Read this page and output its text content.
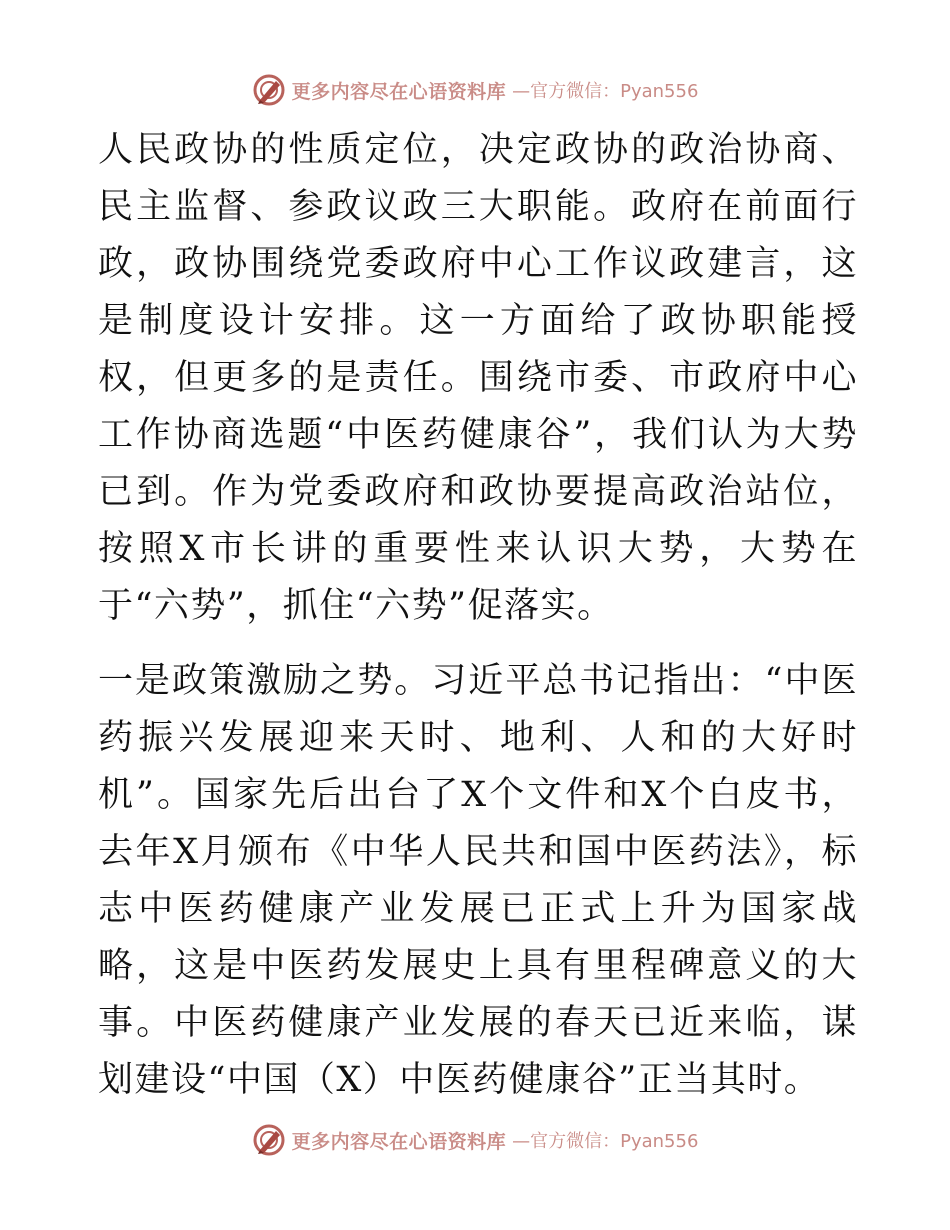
更多内容尽在心语资料库 —官方微信：Pyan556

人民政协的性质定位，决定政协的政治协商、民主监督、参政议政三大职能。政府在前面行政，政协围绕党委政府中心工作议政建言，这是制度设计安排。这一方面给了政协职能授权，但更多的是责任。围绕市委、市政府中心工作协商选题“中医药健康谷”，我们认为大势已到。作为党委政府和政协要提高政治站位，按照X市长讲的重要性来认识大势，大势在于“六势”，抓住“六势”促落实。

一是政策激励之势。习近平总书记指出：“中医药振兴发展迎来天时、地利、人和的大好时机”。国家先后出台了X个文件和X个白皮书，去年X月颁布《中华人民共和国中医药法》，标志中医药健康产业发展已正式上升为国家战略，这是中医药发展史上具有里程碑意义的大事。中医药健康产业发展的春天已近来临，谋划建设“中国（X）中医药健康谷”正当其时。

更多内容尽在心语资料库 —官方微信：Pyan556
